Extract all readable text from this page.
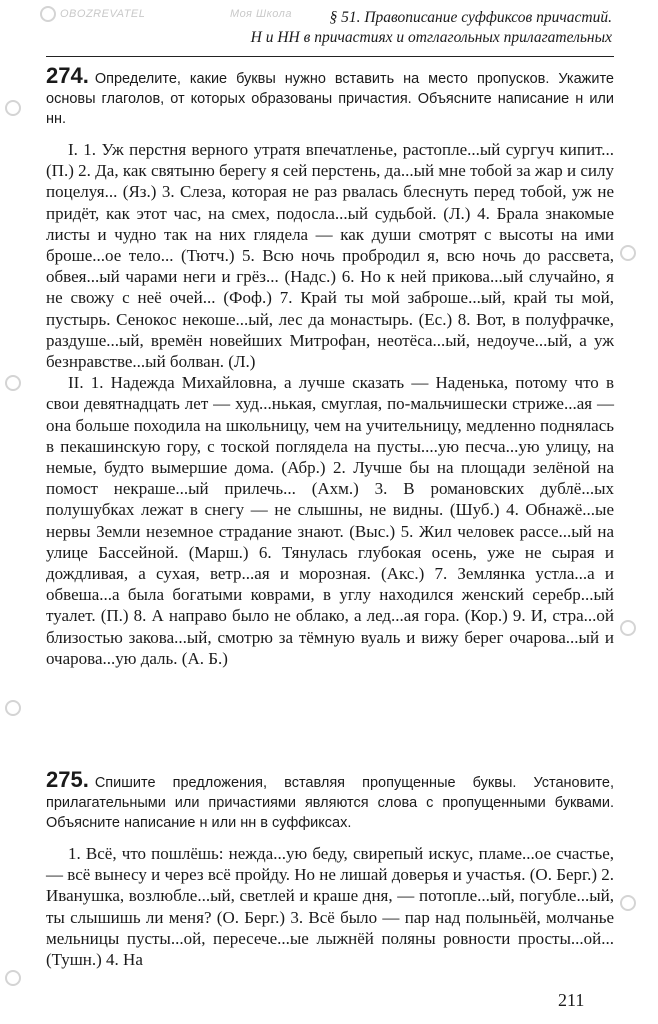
§ 51. Правописание суффиксов причастий.
Н и НН в причастиях и отглагольных прилагательных

274. Определите, какие буквы нужно вставить на место пропусков. Укажите основы глаголов, от которых образованы причастия. Объясните написание н или нн.

I. 1. Уж перстня верного утратя впечатленье, растопле...ый сургуч кипит... (П.) 2. Да, как святыню берегу я сей перстень, да...ый мне тобой за жар и силу поцелуя... (Яз.) 3. Слеза, которая не раз рвалась блеснуть перед тобой, уж не придёт, как этот час, на смех, подосла...ый судьбой. (Л.) 4. Брала знакомые листы и чудно так на них глядела — как души смотрят с высоты на ими броше...ое тело... (Тютч.) 5. Всю ночь пробродил я, всю ночь до рассвета, обвея...ый чарами неги и грёз... (Надс.) 6. Но к ней прикова...ый случайно, я не свожу с неё очей... (Фоф.) 7. Край ты мой заброше...ый, край ты мой, пустырь. Сенокос некоше...ый, лес да монастырь. (Ес.) 8. Вот, в полуфрачке, раздуше...ый, времён новейших Митрофан, неотёса...ый, недоуче...ый, а уж безнравстве...ый болван. (Л.)

II. 1. Надежда Михайловна, а лучше сказать — Наденька, потому что в свои девятнадцать лет — худ...нькая, смуглая, по-мальчишески стриже...ая — она больше походила на школьницу, чем на учительницу, медленно поднялась в пекашинскую гору, с тоской поглядела на пусты....ую песча...ую улицу, на немые, будто вымершие дома. (Абр.) 2. Лучше бы на площади зелёной на помост некраше...ый прилечь... (Ахм.) 3. В романовских дублё...ых полушубках лежат в снегу — не слышны, не видны. (Шуб.) 4. Обнажё...ые нервы Земли неземное страдание знают. (Выс.) 5. Жил человек рассе...ый на улице Бассейной. (Марш.) 6. Тянулась глубокая осень, уже не сырая и дождливая, а сухая, ветр...ая и морозная. (Акс.) 7. Землянка устла...а и обвеша...а была богатыми коврами, в углу находился женский серебр...ый туалет. (П.) 8. А направо было не облако, а лед...ая гора. (Кор.) 9. И, стра...ой близостью закова...ый, смотрю за тёмную вуаль и вижу берег очарова...ый и очарова...ую даль. (А. Б.)

275. Спишите предложения, вставляя пропущенные буквы. Установите, прилагательными или причастиями являются слова с пропущенными буквами. Объясните написание н или нн в суффиксах.

1. Всё, что пошлёшь: нежда...ую беду, свирепый искус, пламе...ое счастье, — всё вынесу и через всё пройду. Но не лишай доверья и участья. (О. Берг.) 2. Иванушка, возлюбле...ый, светлей и краше дня, — потопле...ый, погубле...ый, ты слышишь ли меня? (О. Берг.) 3. Всё было — пар над полыньёй, молчанье мельницы пусты...ой, пересече...ые лыжнёй поляны ровности просты...ой... (Тушн.) 4. На

211
OBOZREVATEL	Моя Школа
